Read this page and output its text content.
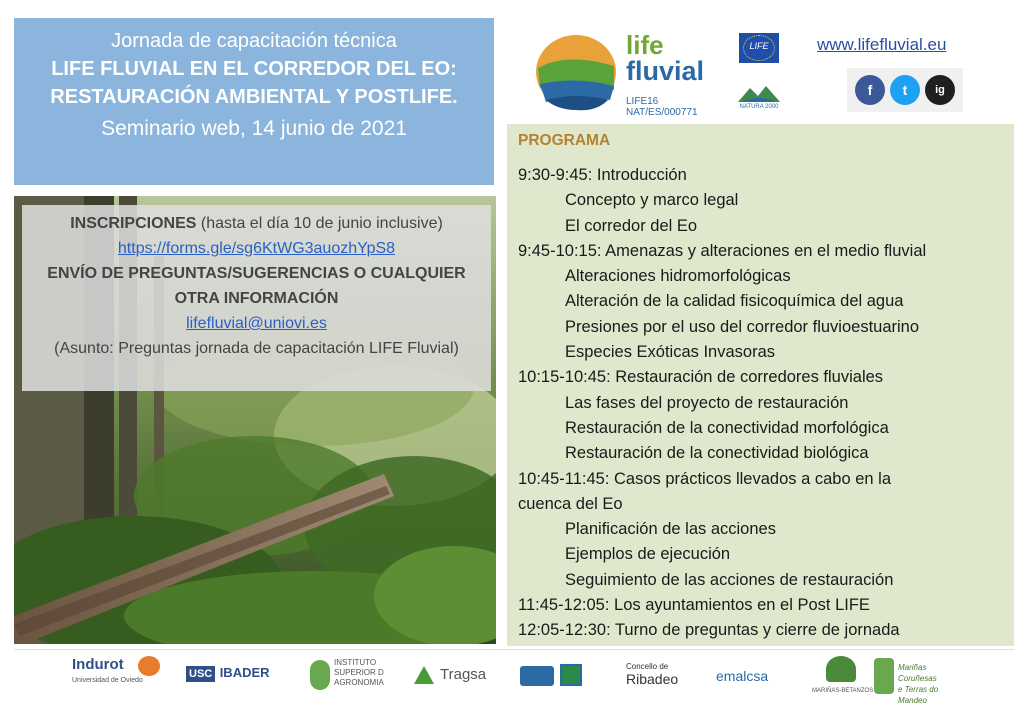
Jornada de capacitación técnica
LIFE FLUVIAL EN EL CORREDOR DEL EO:
RESTAURACIÓN AMBIENTAL Y POSTLIFE.
Seminario web, 14 junio de 2021
INSCRIPCIONES (hasta el día 10 de junio inclusive)
https://forms.gle/sg6KtWG3auozhYpS8
ENVÍO DE PREGUNTAS/SUGERENCIAS O CUALQUIER OTRA INFORMACIÓN
lifefluvial@uniovi.es
(Asunto: Preguntas jornada de capacitación LIFE Fluvial)
life
fluvial
LIFE16 NAT/ES/000771
LIFE
NATURA 2000
www.lifefluvial.eu
f	t	ig
PROGRAMA
9:30-9:45: Introducción
Concepto y marco legal
El corredor del Eo
9:45-10:15: Amenazas y alteraciones en el medio fluvial
Alteraciones hidromorfológicas
Alteración de la calidad fisicoquímica del agua
Presiones por el uso del corredor fluvioestuarino
Especies Exóticas Invasoras
10:15-10:45: Restauración de corredores fluviales
Las fases del proyecto de restauración
Restauración de la conectividad morfológica
Restauración de la conectividad biológica
10:45-11:45: Casos prácticos llevados a cabo en la
cuenca del Eo
Planificación de las acciones
Ejemplos de ejecución
Seguimiento de las acciones de restauración
11:45-12:05: Los ayuntamientos en el Post LIFE
12:05-12:30: Turno de preguntas y cierre de jornada
Indurot
Universidad de Oviedo
USC IBADER
INSTITUTO
SUPERIOR D
AGRONOMIA	Tragsa	Concello de
Ribadeo	emalcsa
MARIÑAS-BETANZOS
Mariñas Coruñesas
e Terras do Mandeo
